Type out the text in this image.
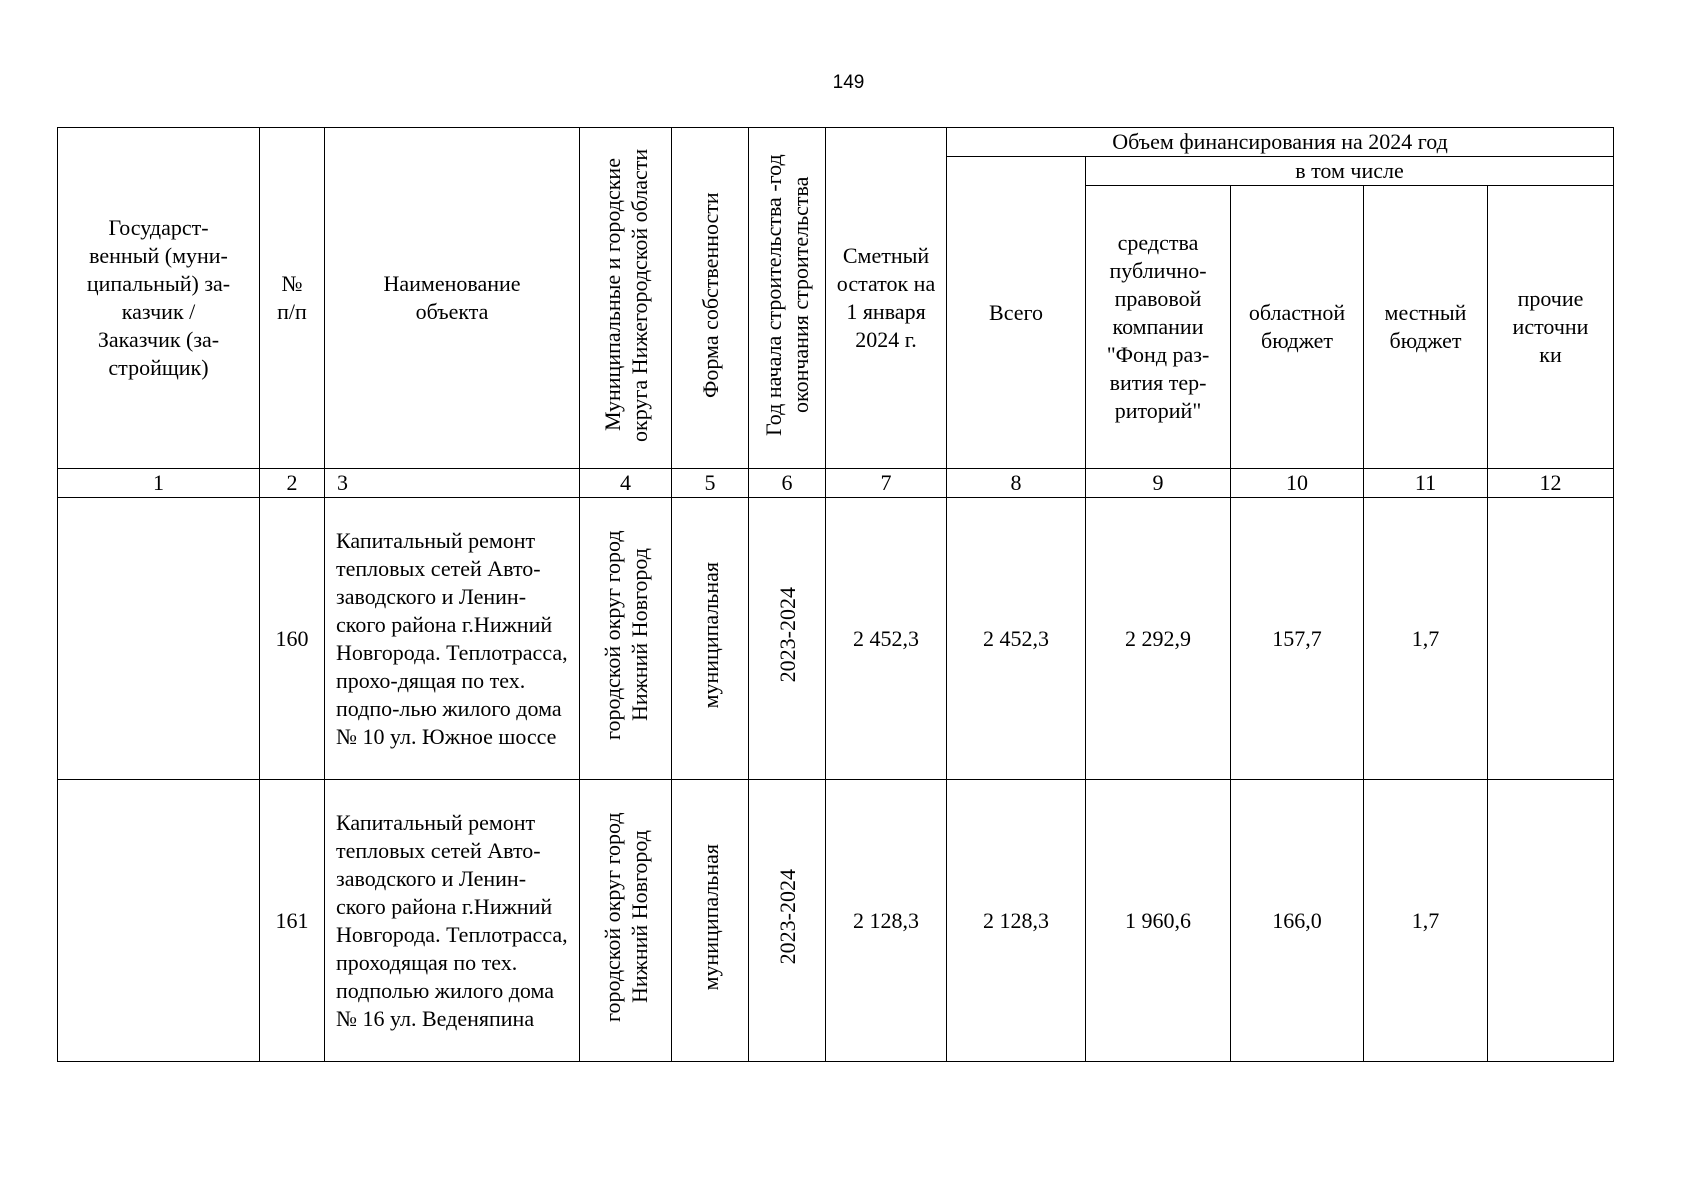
149
Государст-венный (муни-ципальный) за-казчик / Заказчик (за-стройщик)	№ п/п	Наименование объекта	Муниципальные и городские округа Нижегородской области	Форма собственности	Год начала строительства -год окончания строительства	Сметный остаток на 1 января 2024 г.	Объем финансирования на 2024 год				
							Всего	в том числе			

								средства публично-правовой компании "Фонд раз-вития тер-риторий"	областной бюджет	местный бюджет	прочие источни ки

1	2	3	4	5	6	7	8	9	10	11	12
	160	Капитальный ремонт тепловых сетей Авто-заводского и Ленин-ского района г.Нижний Новгорода. Теплотрасса, прохо-дящая по тех. подпо-лью жилого дома № 10 ул. Южное шоссе	городской округ город Нижний Новгород	муниципальная	2023-2024	2 452,3	2 452,3	2 292,9	157,7	1,7	
	161	Капитальный ремонт тепловых сетей Авто-заводского и Ленин-ского района г.Нижний Новгорода. Теплотрасса, проходящая по тех. подполью жилого дома № 16 ул. Веденяпина	городской округ город Нижний Новгород	муниципальная	2023-2024	2 128,3	2 128,3	1 960,6	166,0	1,7	
